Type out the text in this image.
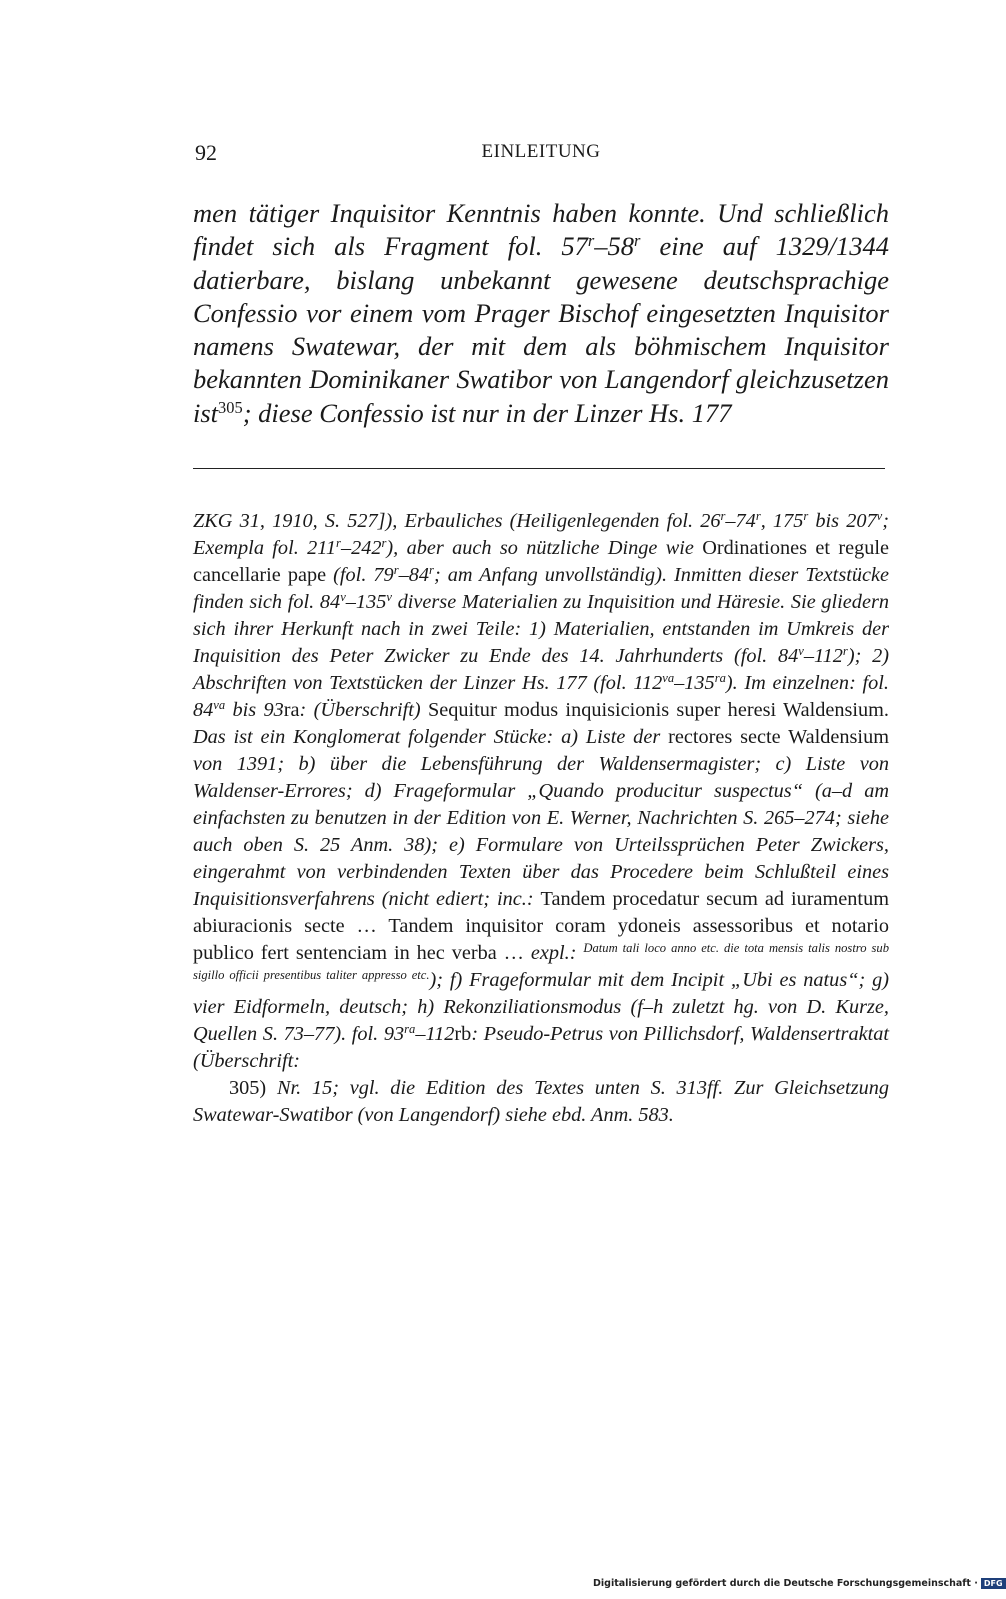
92	EINLEITUNG

men tätiger Inquisitor Kenntnis haben konnte. Und schließlich findet sich als Fragment fol. 57$^r$–58$^r$ eine auf 1329/1344 datierbare, bislang unbekannt gewesene deutschsprachige Confessio vor einem vom Prager Bischof eingesetzten Inquisitor namens Swatewar, der mit dem als böhmischem Inquisitor bekannten Dominikaner Swatibor von Langendorf gleichzusetzen ist$^{305}$; diese Confessio ist nur in der Linzer Hs. 177

ZKG 31, 1910, S. 527]), Erbauliches (Heiligenlegenden fol. 26$^r$–74$^r$, 175$^r$ bis 207$^v$; Exempla fol. 211$^r$–242$^r$), aber auch so nützliche Dinge wie Ordinationes et regule cancellarie pape (fol. 79$^r$–84$^r$; am Anfang unvollständig). Inmitten dieser Textstücke finden sich fol. 84$^v$–135$^v$ diverse Materialien zu Inquisition und Häresie. Sie gliedern sich ihrer Herkunft nach in zwei Teile: 1) Materialien, entstanden im Umkreis der Inquisition des Peter Zwicker zu Ende des 14. Jahrhunderts (fol. 84$^v$–112$^r$); 2) Abschriften von Textstücken der Linzer Hs. 177 (fol. $112^{va}-135^{ra}$). Im einzelnen: fol. $84^{va}$ bis 93ra: (Überschrift) Sequitur modus inquisicionis super heresi Waldensium. Das ist ein Konglomerat folgender Stücke: a) Liste der rectores secte Waldensium von 1391; b) über die Lebensführung der Waldensermagister; c) Liste von Waldenser-Errores; d) Frageformular „Quando producitur suspectus“ (a–d am einfachsten zu benutzen in der Edition von E. Werner, Nachrichten S. 265–274; siehe auch oben S. 25 Anm. 38); e) Formulare von Urteilssprüchen Peter Zwickers, eingerahmt von verbindenden Texten über das Procedere beim Schlußteil eines Inquisitionsverfahrens (nicht ediert; inc.: Tandem procedatur secum ad iuramentum abiuracionis secte … Tandem inquisitor coram ydoneis assessoribus et notario publico fert sentenciam in hec verba … expl.: $^{Datum tali loco anno etc. die tota mensis talis nostro sub sigillo officii presentibus taliter appresso etc.}$); f) Frageformular mit dem Incipit „Ubi es natus“; g) vier Eidformeln, deutsch; h) Rekonziliationsmodus (f–h zuletzt hg. von D. Kurze, Quellen S. 73–77). fol. $93^{ra}-112rb$: Pseudo-Petrus von Pillichsdorf, Waldensertraktat (Überschrift:

305) Nr. 15; vgl. die Edition des Textes unten S. 313ff. Zur Gleichsetzung Swatewar-Swatibor (von Langendorf) siehe ebd. Anm. 583.

Digitalisierung gefördert durch die Deutsche Forschungsgemeinschaft · DFG
